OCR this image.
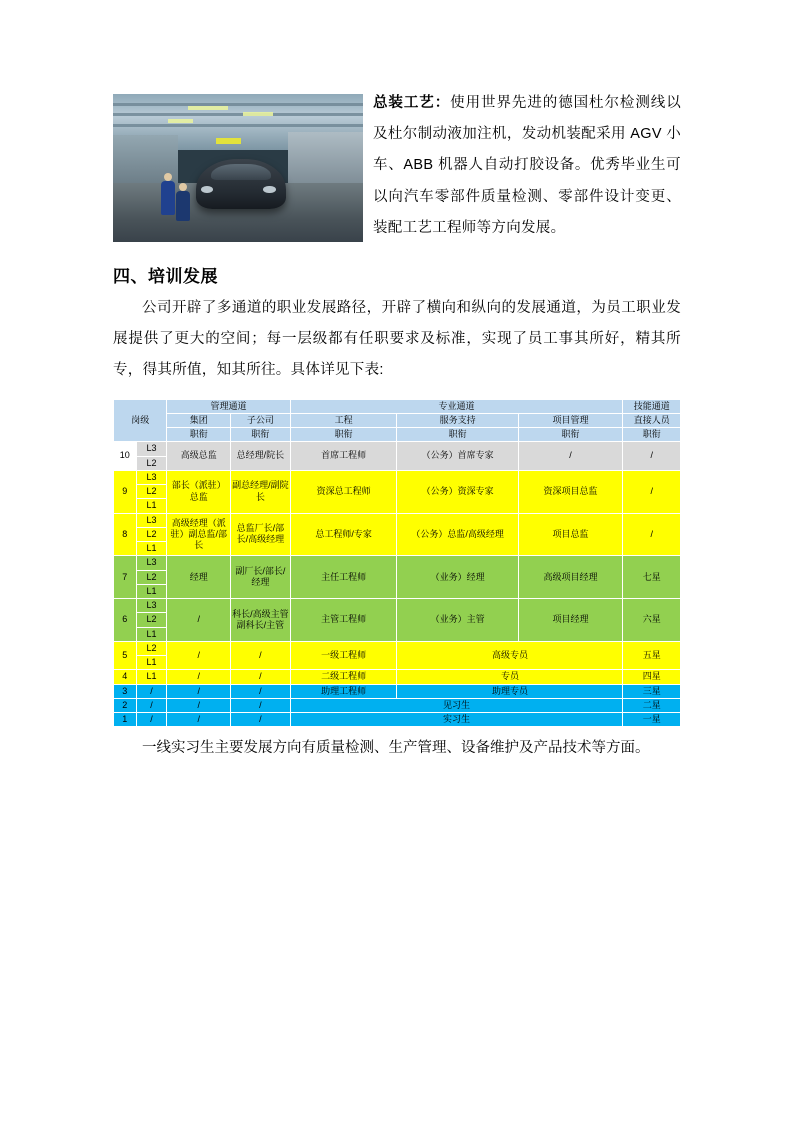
总装工艺：使用世界先进的德国杜尔检测线以及杜尔制动液加注机，发动机装配采用 AGV 小车、ABB 机器人自动打胶设备。优秀毕业生可以向汽车零部件质量检测、零部件设计变更、装配工艺工程师等方向发展。

四、培训发展

公司开辟了多通道的职业发展路径，开辟了横向和纵向的发展通道，为员工职业发展提供了更大的空间；每一层级都有任职要求及标准，实现了员工事其所好，精其所专，得其所值，知其所往。具体详见下表:

岗级		管理通道		专业通道			技能通道
		集团	子公司	工程	服务支持	项目管理	直接人员
		职衔	职衔	职衔	职衔	职衔	职衔
10	L3	高级总监	总经理/院长	首席工程师	（公务）首席专家	/	/
	L2						
9	L3	部长（派驻）总监	副总经理/副院长	资深总工程师	（公务）资深专家	资深项目总监	/
	L2						
	L1						
8	L3	高级经理（派驻）副总监/部长	总监厂长/部长/高级经理	总工程师/专家	（公务）总监/高级经理	项目总监	/
	L2						
	L1						
7	L3	经理	副厂长/部长/经理	主任工程师	（业务）经理	高级项目经理	七星
	L2						
	L1						
6	L3	/	科长/高级主管副科长/主管	主管工程师	（业务）主管	项目经理	六星
	L2						
	L1						
5	L2	/	/	一级工程师	高级专员		五星
	L1						
4	L1	/	/	二级工程师	专员		四星
3	/	/	/	助理工程师	助理专员		三星
2	/	/	/	见习生			二星
1	/	/	/	实习生			一星

一线实习生主要发展方向有质量检测、生产管理、设备维护及产品技术等方面。
